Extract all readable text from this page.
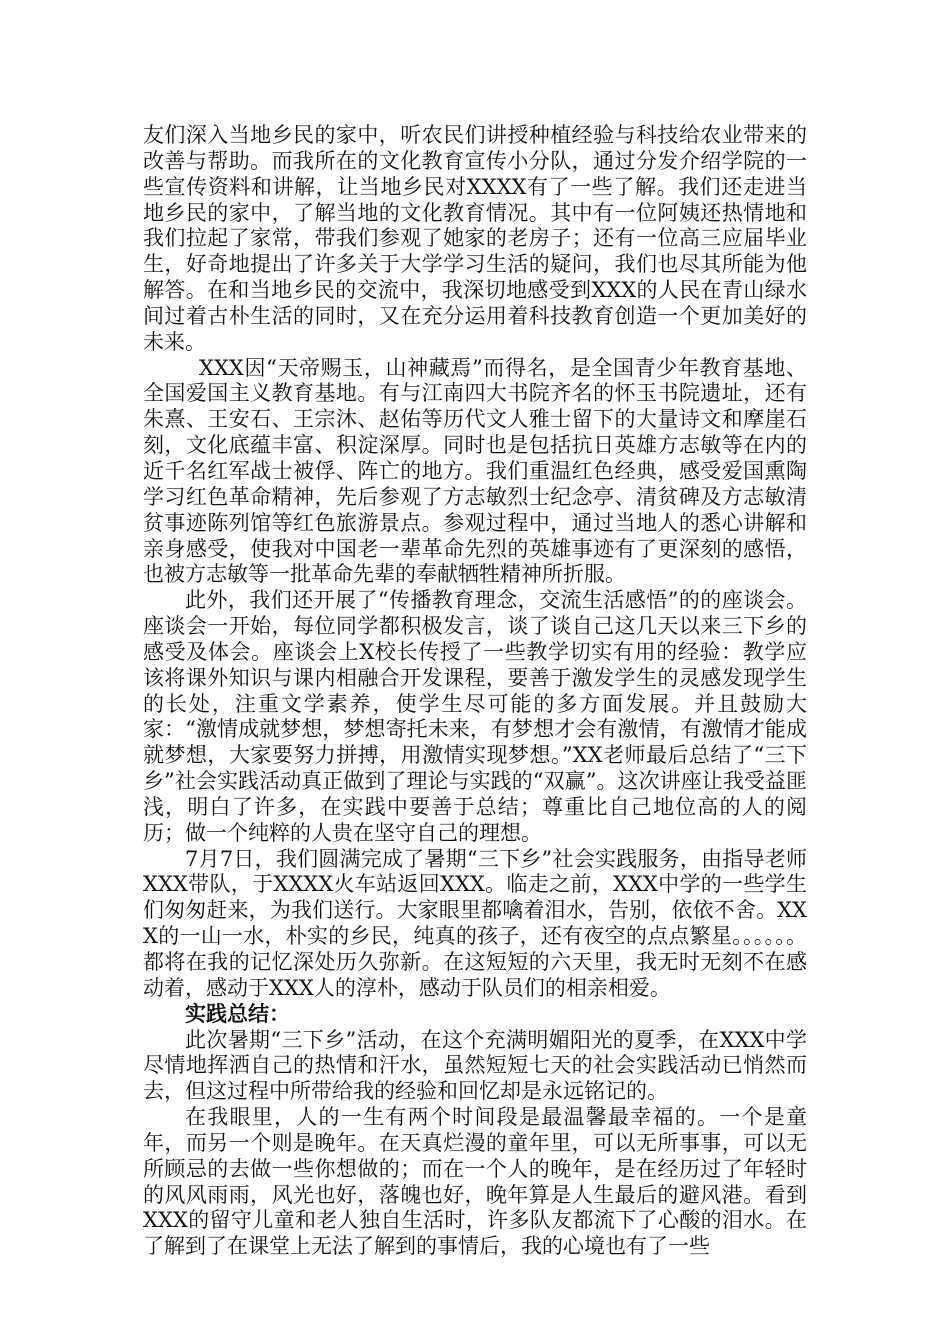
友们深入当地乡民的家中，听农民们讲授种植经验与科技给农业带来的改善与帮助。而我所在的文化教育宣传小分队，通过分发介绍学院的一些宣传资料和讲解，让当地乡民对XXXX有了一些了解。我们还走进当地乡民的家中，了解当地的文化教育情况。其中有一位阿姨还热情地和我们拉起了家常，带我们参观了她家的老房子；还有一位高三应届毕业生，好奇地提出了许多关于大学学习生活的疑问，我们也尽其所能为他解答。在和当地乡民的交流中，我深切地感受到XXX的人民在青山绿水间过着古朴生活的同时，又在充分运用着科技教育创造一个更加美好的未来。

XXX因“天帝赐玉，山神藏焉”而得名，是全国青少年教育基地、全国爱国主义教育基地。有与江南四大书院齐名的怀玉书院遗址，还有朱熹、王安石、王宗沐、赵佑等历代文人雅士留下的大量诗文和摩崖石刻，文化底蕴丰富、积淀深厚。同时也是包括抗日英雄方志敏等在内的近千名红军战士被俘、阵亡的地方。我们重温红色经典，感受爱国熏陶学习红色革命精神，先后参观了方志敏烈士纪念亭、清贫碑及方志敏清贫事迹陈列馆等红色旅游景点。参观过程中，通过当地人的悉心讲解和亲身感受，使我对中国老一辈革命先烈的英雄事迹有了更深刻的感悟，也被方志敏等一批革命先辈的奉献牺牲精神所折服。

此外，我们还开展了“传播教育理念，交流生活感悟”的的座谈会。座谈会一开始，每位同学都积极发言，谈了谈自己这几天以来三下乡的感受及体会。座谈会上X校长传授了一些教学切实有用的经验：教学应该将课外知识与课内相融合开发课程，要善于激发学生的灵感发现学生的长处，注重文学素养，使学生尽可能的多方面发展。并且鼓励大家：“激情成就梦想，梦想寄托未来，有梦想才会有激情，有激情才能成就梦想，大家要努力拼搏，用激情实现梦想。”XX老师最后总结了“三下乡”社会实践活动真正做到了理论与实践的“双赢”。这次讲座让我受益匪浅，明白了许多，在实践中要善于总结；尊重比自己地位高的人的阅历；做一个纯粹的人贵在坚守自己的理想。

7月7日，我们圆满完成了暑期“三下乡”社会实践服务，由指导老师XXX带队，于XXXX火车站返回XXX。临走之前，XXX中学的一些学生们匆匆赶来，为我们送行。大家眼里都噙着泪水，告别，依依不舍。XXX的一山一水，朴实的乡民，纯真的孩子，还有夜空的点点繁星。。。。。。都将在我的记忆深处历久弥新。在这短短的六天里，我无时无刻不在感动着，感动于XXX人的淳朴，感动于队员们的相亲相爱。

实践总结：

此次暑期“三下乡”活动，在这个充满明媚阳光的夏季，在XXX中学尽情地挥洒自己的热情和汗水，虽然短短七天的社会实践活动已悄然而去，但这过程中所带给我的经验和回忆却是永远铭记的。

在我眼里，人的一生有两个时间段是最温馨最幸福的。一个是童年，而另一个则是晚年。在天真烂漫的童年里，可以无所事事，可以无所顾忌的去做一些你想做的；而在一个人的晚年，是在经历过了年轻时的风风雨雨，风光也好，落魄也好，晚年算是人生最后的避风港。看到XXX的留守儿童和老人独自生活时，许多队友都流下了心酸的泪水。在了解到了在课堂上无法了解到的事情后，我的心境也有了一些
